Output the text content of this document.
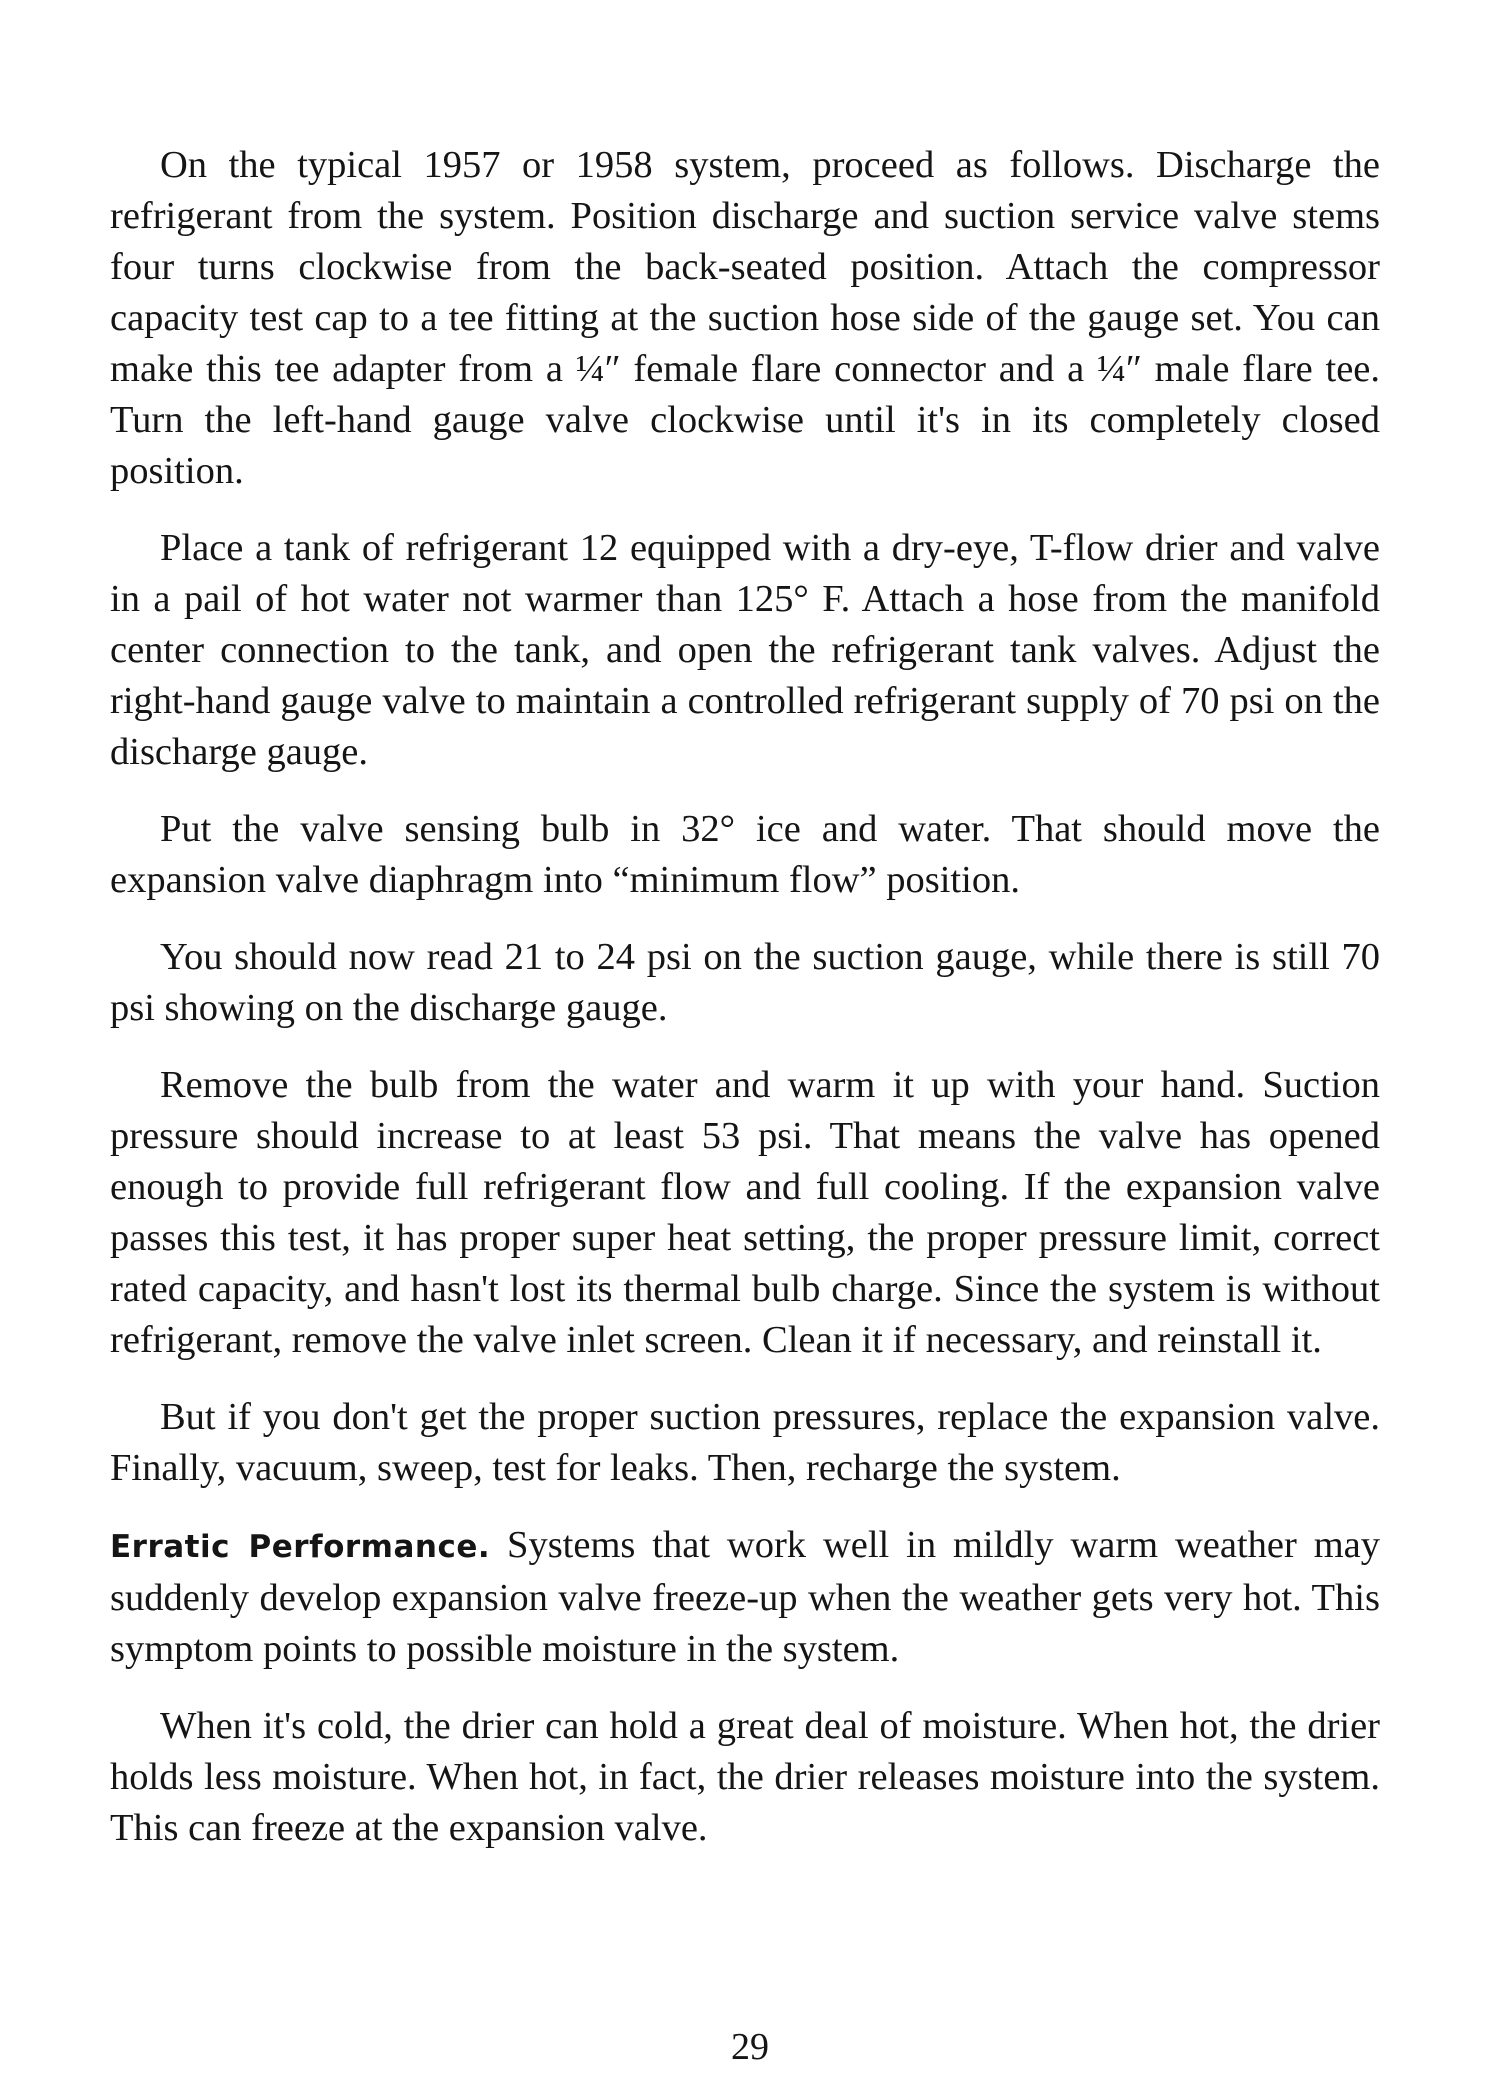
On the typical 1957 or 1958 system, proceed as follows. Discharge the refrigerant from the system. Position discharge and suction service valve stems four turns clockwise from the back-seated position. Attach the compressor capacity test cap to a tee fitting at the suction hose side of the gauge set. You can make this tee adapter from a ¼″ female flare connector and a ¼″ male flare tee. Turn the left-hand gauge valve clockwise until it's in its completely closed position.

Place a tank of refrigerant 12 equipped with a dry-eye, T-flow drier and valve in a pail of hot water not warmer than 125° F. Attach a hose from the manifold center connection to the tank, and open the refrigerant tank valves. Adjust the right-hand gauge valve to maintain a controlled refrigerant supply of 70 psi on the discharge gauge.

Put the valve sensing bulb in 32° ice and water. That should move the expansion valve diaphragm into “minimum flow” position.

You should now read 21 to 24 psi on the suction gauge, while there is still 70 psi showing on the discharge gauge.

Remove the bulb from the water and warm it up with your hand. Suction pressure should increase to at least 53 psi. That means the valve has opened enough to provide full refrigerant flow and full cooling. If the expansion valve passes this test, it has proper super heat setting, the proper pressure limit, correct rated capacity, and hasn't lost its thermal bulb charge. Since the system is without refrigerant, remove the valve inlet screen. Clean it if necessary, and reinstall it.

But if you don't get the proper suction pressures, replace the expansion valve. Finally, vacuum, sweep, test for leaks. Then, recharge the system.

Erratic Performance. Systems that work well in mildly warm weather may suddenly develop expansion valve freeze-up when the weather gets very hot. This symptom points to possible moisture in the system.

When it's cold, the drier can hold a great deal of moisture. When hot, the drier holds less moisture. When hot, in fact, the drier releases moisture into the system. This can freeze at the expansion valve.

29
